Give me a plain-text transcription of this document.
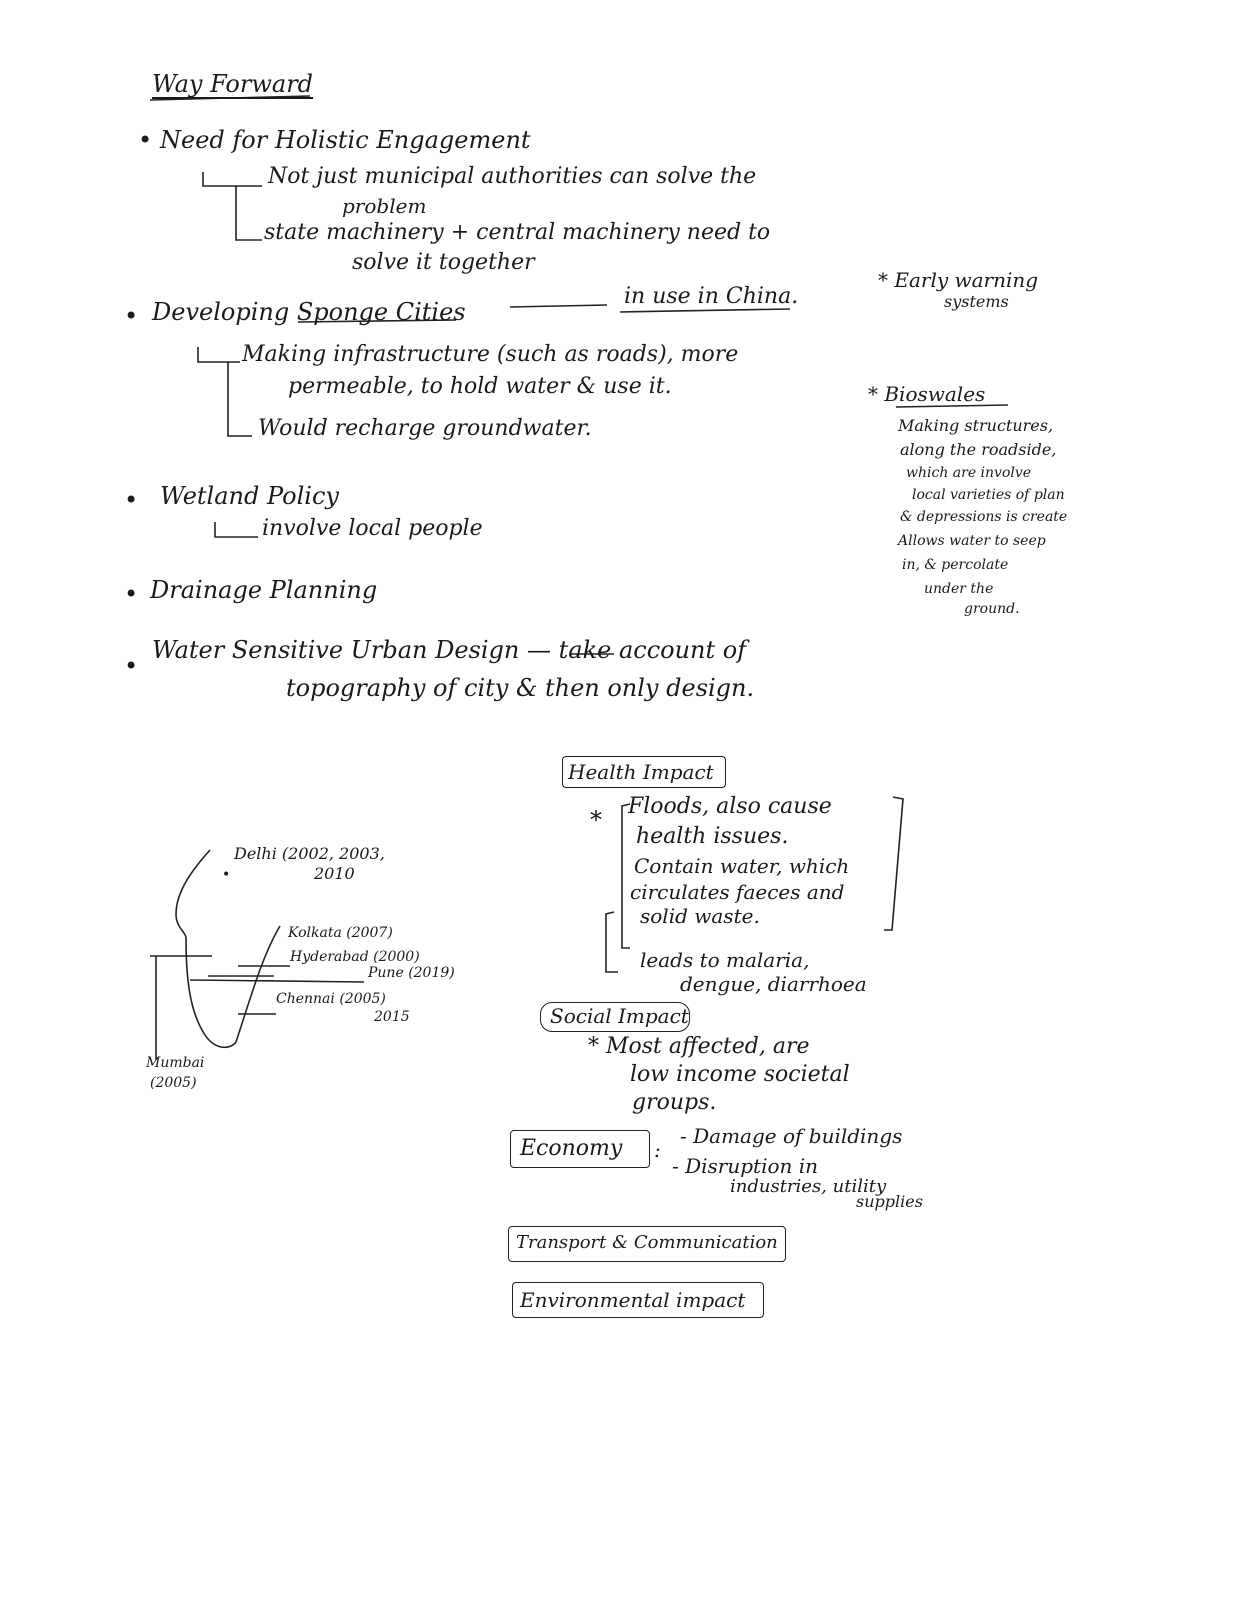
Way Forward
• Need for Holistic Engagement
Not just municipal authorities can solve the
problem
state machinery + central machinery need to
solve it together
• Developing Sponge Cities
in use in China.
Making infrastructure (such as roads), more
permeable, to hold water & use it.
Would recharge groundwater.
• Wetland Policy
involve local people
• Drainage Planning
•
Water Sensitive Urban Design — take account of
topography of city & then only design.
* Early warning
systems
* Bioswales
Making structures,
along the roadside,
which are involve
local varieties of plan
& depressions is create
Allows water to seep
in, & percolate
under the
ground.
•
Delhi (2002, 2003,
2010
Kolkata (2007)
Hyderabad (2000)
Pune (2019)
Chennai (2005)
2015
Mumbai
(2005)
Health Impact
* Floods, also cause
health issues.
Contain water, which
circulates faeces and
solid waste.
leads to malaria,
dengue, diarrhoea
Social Impact
* Most affected, are
low income societal
groups.
Economy :
- Damage of buildings
- Disruption in
industries, utility
supplies
Transport & Communication
Environmental impact
